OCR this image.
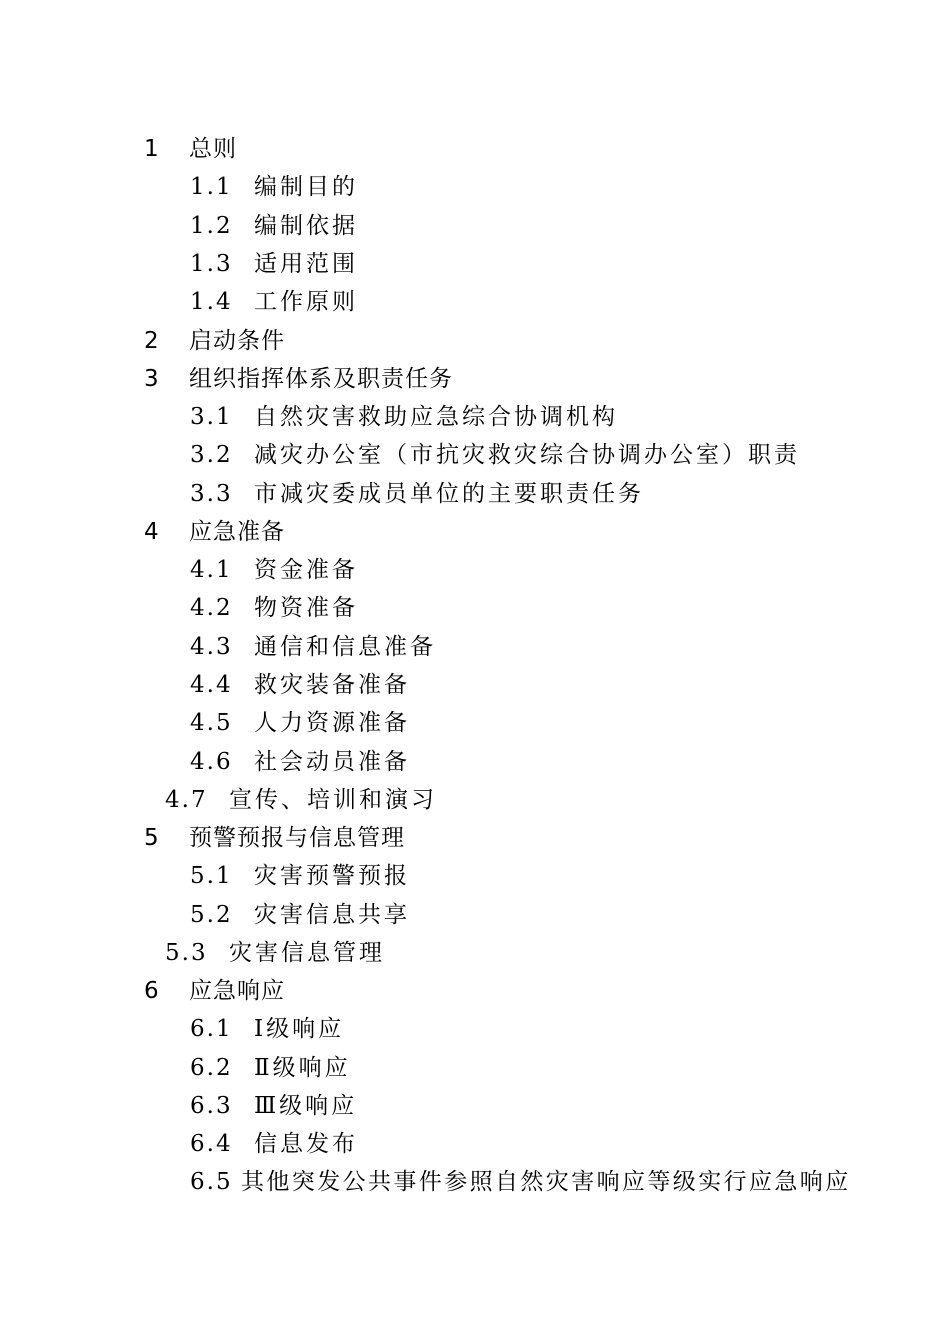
1 总则
1.1 编制目的
1.2 编制依据
1.3 适用范围
1.4 工作原则
2 启动条件
3 组织指挥体系及职责任务
3.1 自然灾害救助应急综合协调机构
3.2 减灾办公室（市抗灾救灾综合协调办公室）职责
3.3 市减灾委成员单位的主要职责任务
4 应急准备
4.1 资金准备
4.2 物资准备
4.3 通信和信息准备
4.4 救灾装备准备
4.5 人力资源准备
4.6 社会动员准备
4.7 宣传、培训和演习
5 预警预报与信息管理
5.1 灾害预警预报
5.2 灾害信息共享
5.3 灾害信息管理
6 应急响应
6.1 Ⅰ级响应
6.2 Ⅱ级响应
6.3 Ⅲ级响应
6.4 信息发布
6.5 其他突发公共事件参照自然灾害响应等级实行应急响应
